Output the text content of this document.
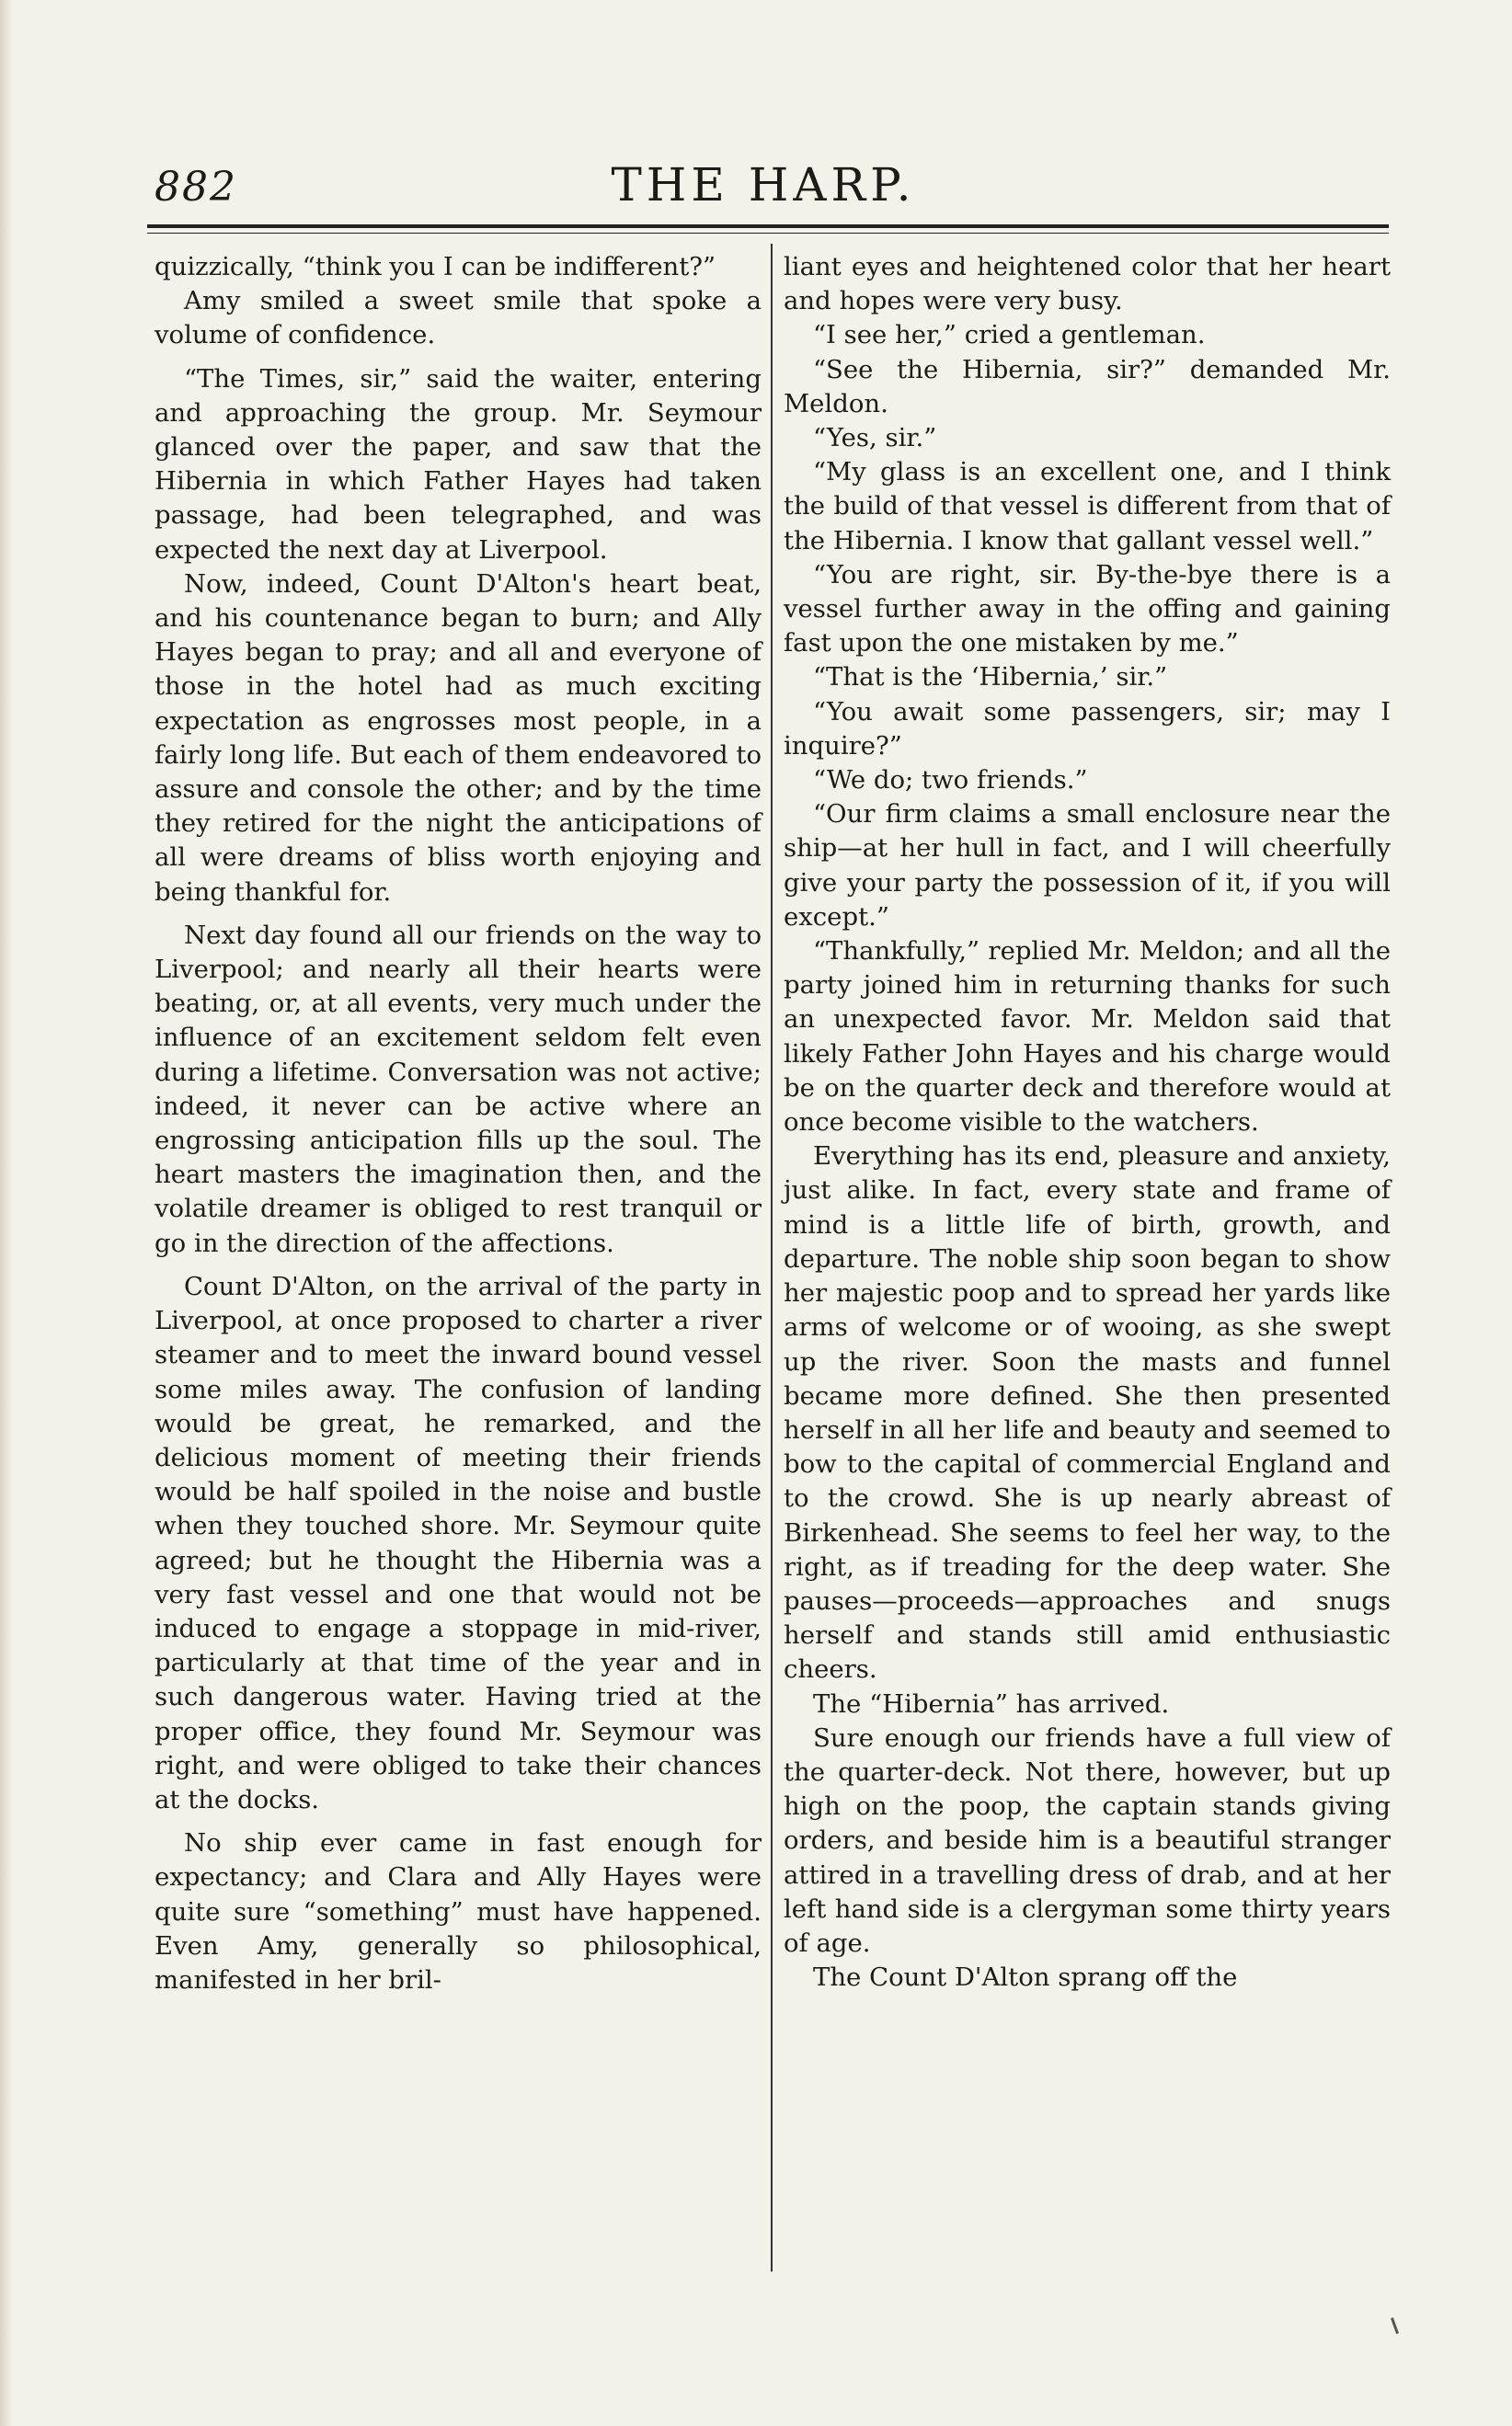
882	THE HARP.

quizzically, “think you I can be indifferent?”

Amy smiled a sweet smile that spoke a volume of confidence.

“The Times, sir,” said the waiter, entering and approaching the group. Mr. Seymour glanced over the paper, and saw that the Hibernia in which Father Hayes had taken passage, had been telegraphed, and was expected the next day at Liverpool.

Now, indeed, Count D'Alton's heart beat, and his countenance began to burn; and Ally Hayes began to pray; and all and everyone of those in the hotel had as much exciting expectation as engrosses most people, in a fairly long life. But each of them endeavored to assure and console the other; and by the time they retired for the night the anticipations of all were dreams of bliss worth enjoying and being thankful for.

Next day found all our friends on the way to Liverpool; and nearly all their hearts were beating, or, at all events, very much under the influence of an excitement seldom felt even during a lifetime. Conversation was not active; indeed, it never can be active where an engrossing anticipation fills up the soul. The heart masters the imagination then, and the volatile dreamer is obliged to rest tranquil or go in the direction of the affections.

Count D'Alton, on the arrival of the party in Liverpool, at once proposed to charter a river steamer and to meet the inward bound vessel some miles away. The confusion of landing would be great, he remarked, and the delicious moment of meeting their friends would be half spoiled in the noise and bustle when they touched shore. Mr. Seymour quite agreed; but he thought the Hibernia was a very fast vessel and one that would not be induced to engage a stoppage in mid-river, particularly at that time of the year and in such dangerous water. Having tried at the proper office, they found Mr. Seymour was right, and were obliged to take their chances at the docks.

No ship ever came in fast enough for expectancy; and Clara and Ally Hayes were quite sure “something” must have happened. Even Amy, generally so philosophical, manifested in her bril-

liant eyes and heightened color that her heart and hopes were very busy.

“I see her,” cried a gentleman.

“See the Hibernia, sir?” demanded Mr. Meldon.

“Yes, sir.”

“My glass is an excellent one, and I think the build of that vessel is different from that of the Hibernia. I know that gallant vessel well.”

“You are right, sir. By-the-bye there is a vessel further away in the offing and gaining fast upon the one mistaken by me.”

“That is the ‘Hibernia,’ sir.”

“You await some passengers, sir; may I inquire?”

“We do; two friends.”

“Our firm claims a small enclosure near the ship—at her hull in fact, and I will cheerfully give your party the possession of it, if you will except.”

“Thankfully,” replied Mr. Meldon; and all the party joined him in returning thanks for such an unexpected favor. Mr. Meldon said that likely Father John Hayes and his charge would be on the quarter deck and therefore would at once become visible to the watchers.

Everything has its end, pleasure and anxiety, just alike. In fact, every state and frame of mind is a little life of birth, growth, and departure. The noble ship soon began to show her majestic poop and to spread her yards like arms of welcome or of wooing, as she swept up the river. Soon the masts and funnel became more defined. She then presented herself in all her life and beauty and seemed to bow to the capital of commercial England and to the crowd. She is up nearly abreast of Birkenhead. She seems to feel her way, to the right, as if treading for the deep water. She pauses—proceeds—approaches and snugs herself and stands still amid enthusiastic cheers.

The “Hibernia” has arrived.

Sure enough our friends have a full view of the quarter-deck. Not there, however, but up high on the poop, the captain stands giving orders, and beside him is a beautiful stranger attired in a travelling dress of drab, and at her left hand side is a clergyman some thirty years of age.

The Count D'Alton sprang off the
